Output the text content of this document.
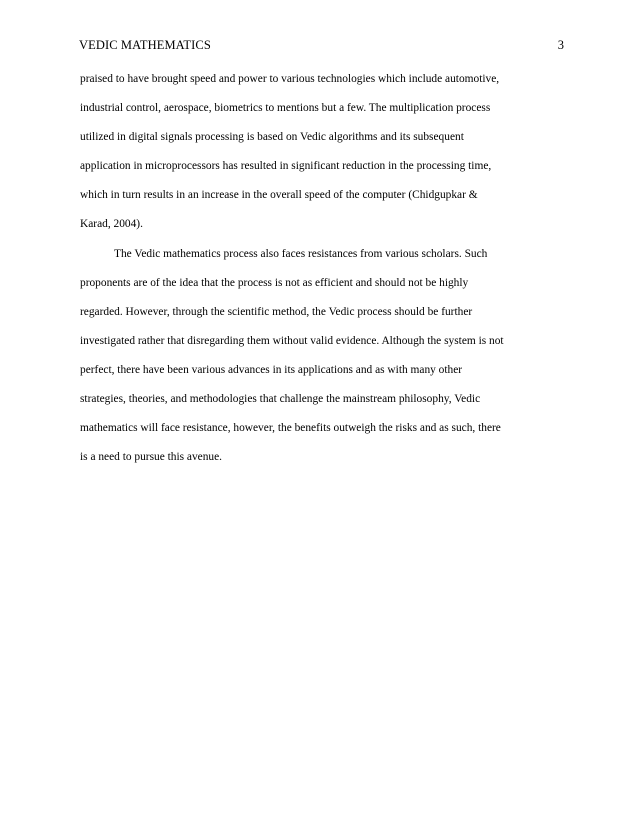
VEDIC MATHEMATICS	3
praised to have brought speed and power to various technologies which include automotive,
industrial control, aerospace, biometrics to mentions but a few. The multiplication process
utilized in digital signals processing is based on Vedic algorithms and its subsequent
application in microprocessors has resulted in significant reduction in the processing time,
which in turn results in an increase in the overall speed of the computer (Chidgupkar &
Karad, 2004).
The Vedic mathematics process also faces resistances from various scholars. Such
proponents are of the idea that the process is not as efficient and should not be highly
regarded. However, through the scientific method, the Vedic process should be further
investigated rather that disregarding them without valid evidence. Although the system is not
perfect, there have been various advances in its applications and as with many other
strategies, theories, and methodologies that challenge the mainstream philosophy, Vedic
mathematics will face resistance, however, the benefits outweigh the risks and as such, there
is a need to pursue this avenue.
